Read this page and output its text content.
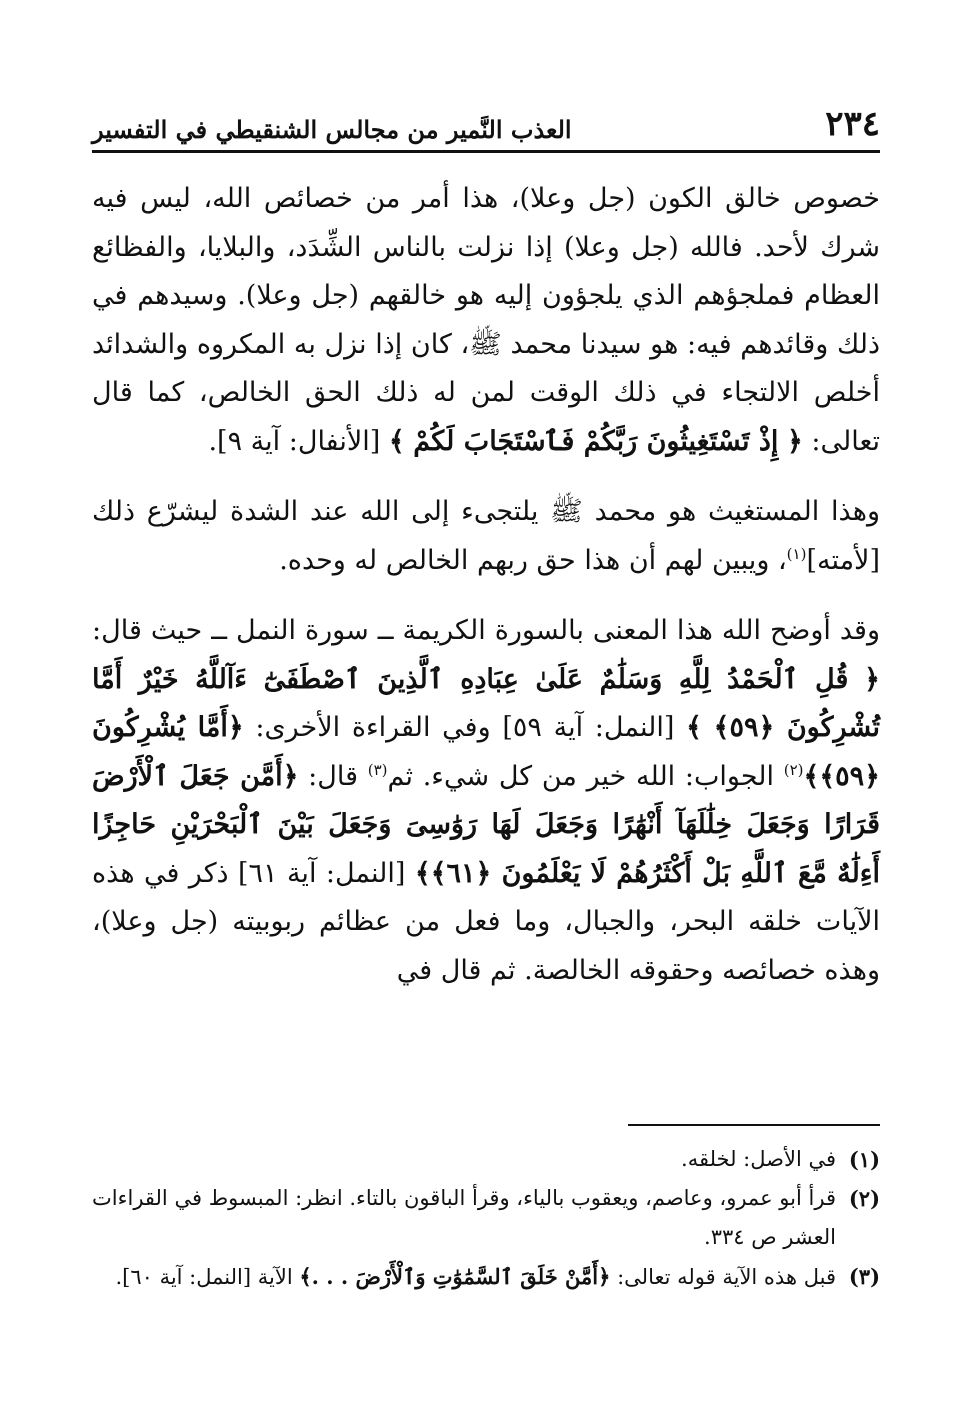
٢٣٤
العذب النَّمير من مجالس الشنقيطي في التفسير

خصوص خالق الكون (جل وعلا)، هذا أمر من خصائص الله، ليس فيه شرك لأحد. فالله (جل وعلا) إذا نزلت بالناس الشِّدَد، والبلايا، والفظائع العظام فملجؤهم الذي يلجؤون إليه هو خالقهم (جل وعلا). وسيدهم في ذلك وقائدهم فيه: هو سيدنا محمد ﷺ، كان إذا نزل به المكروه والشدائد أخلص الالتجاء في ذلك الوقت لمن له ذلك الحق الخالص، كما قال تعالى: ﴿ إِذْ تَسْتَغِيثُونَ رَبَّكُمْ فَٱسْتَجَابَ لَكُمْ ﴾ [الأنفال: آية ٩].

وهذا المستغيث هو محمد ﷺ يلتجىء إلى الله عند الشدة ليشرّع ذلك [لأمته]$^{(١)}$، ويبين لهم أن هذا حق ربهم الخالص له وحده.

وقد أوضح الله هذا المعنى بالسورة الكريمة ــ سورة النمل ــ حيث قال: ﴿ قُلِ ٱلْحَمْدُ لِلَّهِ وَسَلَٰمٌ عَلَىٰ عِبَادِهِ ٱلَّذِينَ ٱصْطَفَىٰٓ ءَآللَّهُ خَيْرٌ أَمَّا تُشْرِكُونَ ﴿٥٩﴾ ﴾ [النمل: آية ٥٩] وفي القراءة الأخرى: ﴿أَمَّا يُشْرِكُونَ ﴿٥٩﴾﴾$^{(٢)}$ الجواب: الله خير من كل شيء. ثم$^{(٣)}$ قال: ﴿أَمَّن جَعَلَ ٱلْأَرْضَ قَرَارًا وَجَعَلَ خِلَٰلَهَآ أَنْهَٰرًا وَجَعَلَ لَهَا رَوَٰسِىَ وَجَعَلَ بَيْنَ ٱلْبَحْرَيْنِ حَاجِزًا أَءِلَٰهٌ مَّعَ ٱللَّهِ بَلْ أَكْثَرُهُمْ لَا يَعْلَمُونَ ﴿٦١﴾﴾ [النمل: آية ٦١] ذكر في هذه الآيات خلقه البحر، والجبال، وما فعل من عظائم ربوبيته (جل وعلا)، وهذه خصائصه وحقوقه الخالصة. ثم قال في

(١)
في الأصل: لخلقه.
(٢)
قرأ أبو عمرو، وعاصم، ويعقوب بالياء، وقرأ الباقون بالتاء. انظر: المبسوط في القراءات العشر ص ٣٣٤.
(٣)
قبل هذه الآية قوله تعالى: ﴿أَمَّنْ خَلَقَ ٱلسَّمَٰوَٰتِ وَٱلْأَرْضَ . . .﴾ الآية [النمل: آية ٦٠].
